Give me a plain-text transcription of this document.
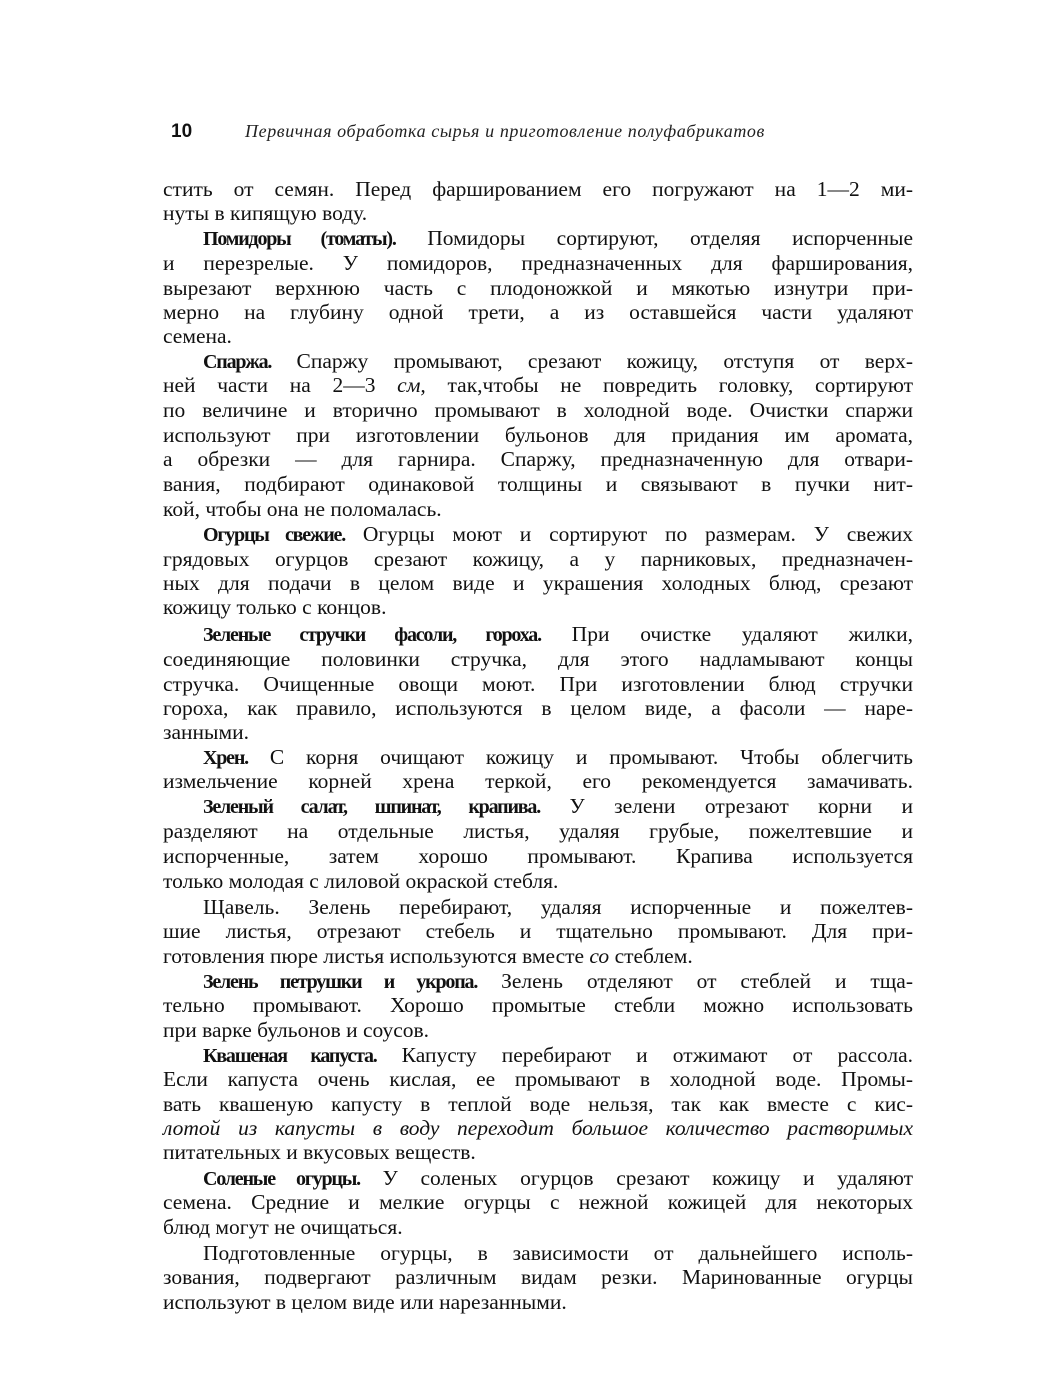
10	Первичная обработка сырья и приготовление полуфабрикатов
стить от семян. Перед фаршированием его погружают на 1—2 ми-
нуты в кипящую воду.
Помидоры (томаты). Помидоры сортируют, отделяя испорченные
и перезрелые. У помидоров, предназначенных для фарширования,
вырезают верхнюю часть с плодоножкой и мякотью изнутри при-
мерно на глубину одной трети, а из оставшейся части удаляют
семена.
Спаржа. Спаржу промывают, срезают кожицу, отступя от верх-
ней части на 2—3 см, так,чтобы не повредить головку, сортируют
по величине и вторично промывают в холодной воде. Очистки спаржи
используют при изготовлении бульонов для придания им аромата,
а обрезки — для гарнира. Спаржу, предназначенную для отвари-
вания, подбирают одинаковой толщины и связывают в пучки нит-
кой, чтобы она не поломалась.
Огурцы свежие. Огурцы моют и сортируют по размерам. У свежих
грядовых огурцов срезают кожицу, а у парниковых, предназначен-
ных для подачи в целом виде и украшения холодных блюд, срезают
кожицу только с концов.
Зеленые стручки фасоли, гороха. При очистке удаляют жилки,
соединяющие половинки стручка, для этого надламывают концы
стручка. Очищенные овощи моют. При изготовлении блюд стручки
гороха, как правило, используются в целом виде, а фасоли — наре-
занными.
Хрен. С корня очищают кожицу и промывают. Чтобы облегчить
измельчение корней хрена теркой, его рекомендуется замачивать.
Зеленый салат, шпинат, крапива. У зелени отрезают корни и
разделяют на отдельные листья, удаляя грубые, пожелтевшие и
испорченные, затем хорошо промывают. Крапива используется
только молодая с лиловой окраской стебля.
Щавель. Зелень перебирают, удаляя испорченные и пожелтев-
шие листья, отрезают стебель и тщательно промывают. Для при-
готовления пюре листья используются вместе со стеблем.
Зелень петрушки и укропа. Зелень отделяют от стеблей и тща-
тельно промывают. Хорошо промытые стебли можно использовать
при варке бульонов и соусов.
Квашеная капуста. Капусту перебирают и отжимают от рассола.
Если капуста очень кислая, ее промывают в холодной воде. Промы-
вать квашеную капусту в теплой воде нельзя, так как вместе с кис-
лотой из капусты в воду переходит большое количество растворимых
питательных и вкусовых веществ.
Соленые огурцы. У соленых огурцов срезают кожицу и удаляют
семена. Средние и мелкие огурцы с нежной кожицей для некоторых
блюд могут не очищаться.
Подготовленные огурцы, в зависимости от дальнейшего исполь-
зования, подвергают различным видам резки. Маринованные огурцы
используют в целом виде или нарезанными.
